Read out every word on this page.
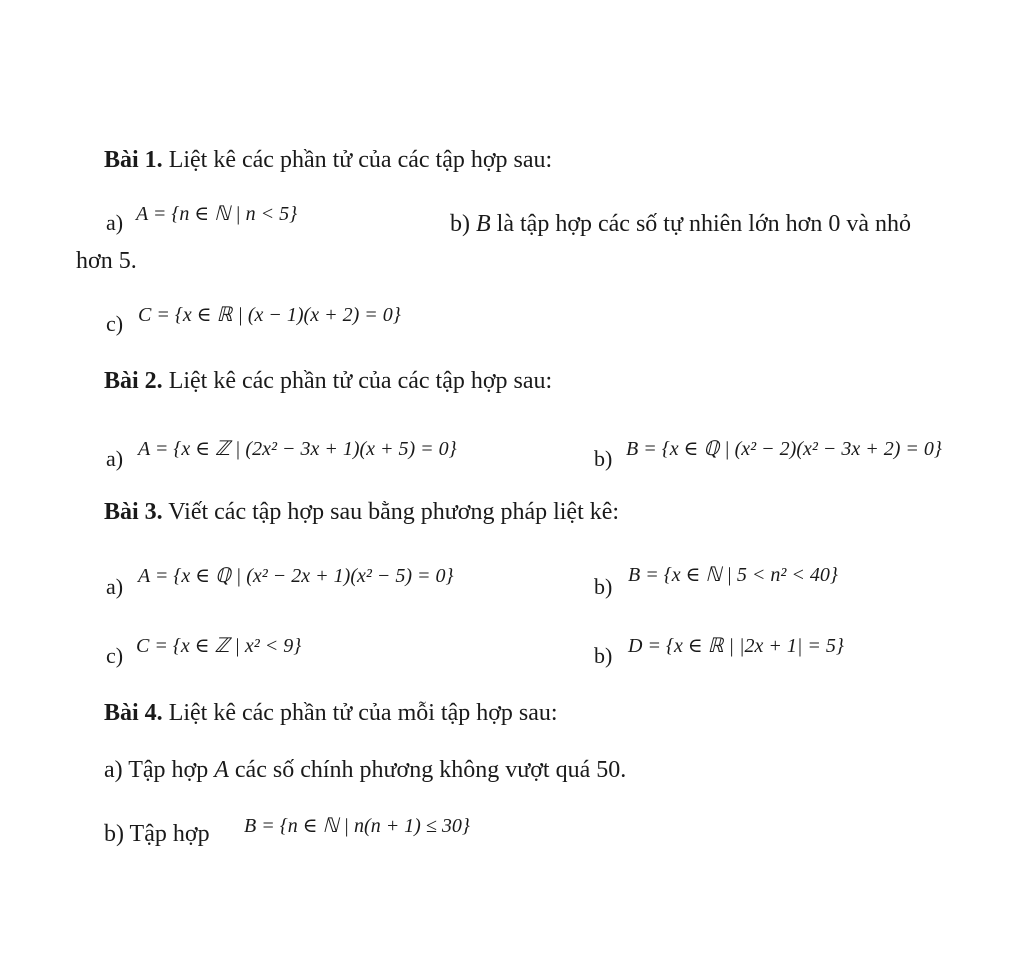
Bài 1. Liệt kê các phần tử của các tập hợp sau:
a) A = {n ∈ ℕ | n < 5}	b) B là tập hợp các số tự nhiên lớn hơn 0 và nhỏ
hơn 5.
c) C = {x ∈ ℝ | (x − 1)(x + 2) = 0}
Bài 2. Liệt kê các phần tử của các tập hợp sau:
a) A = {x ∈ ℤ | (2x² − 3x + 1)(x + 5) = 0}	b) B = {x ∈ ℚ | (x² − 2)(x² − 3x + 2) = 0}
Bài 3. Viết các tập hợp sau bằng phương pháp liệt kê:
a) A = {x ∈ ℚ | (x² − 2x + 1)(x² − 5) = 0}	b) B = {x ∈ ℕ | 5 < n² < 40}
c) C = {x ∈ ℤ | x² < 9}	b) D = {x ∈ ℝ | |2x + 1| = 5}
Bài 4. Liệt kê các phần tử của mỗi tập hợp sau:
a) Tập hợp A các số chính phương không vượt quá 50.
b) Tập hợp B = {n ∈ ℕ | n(n + 1) ≤ 30}
